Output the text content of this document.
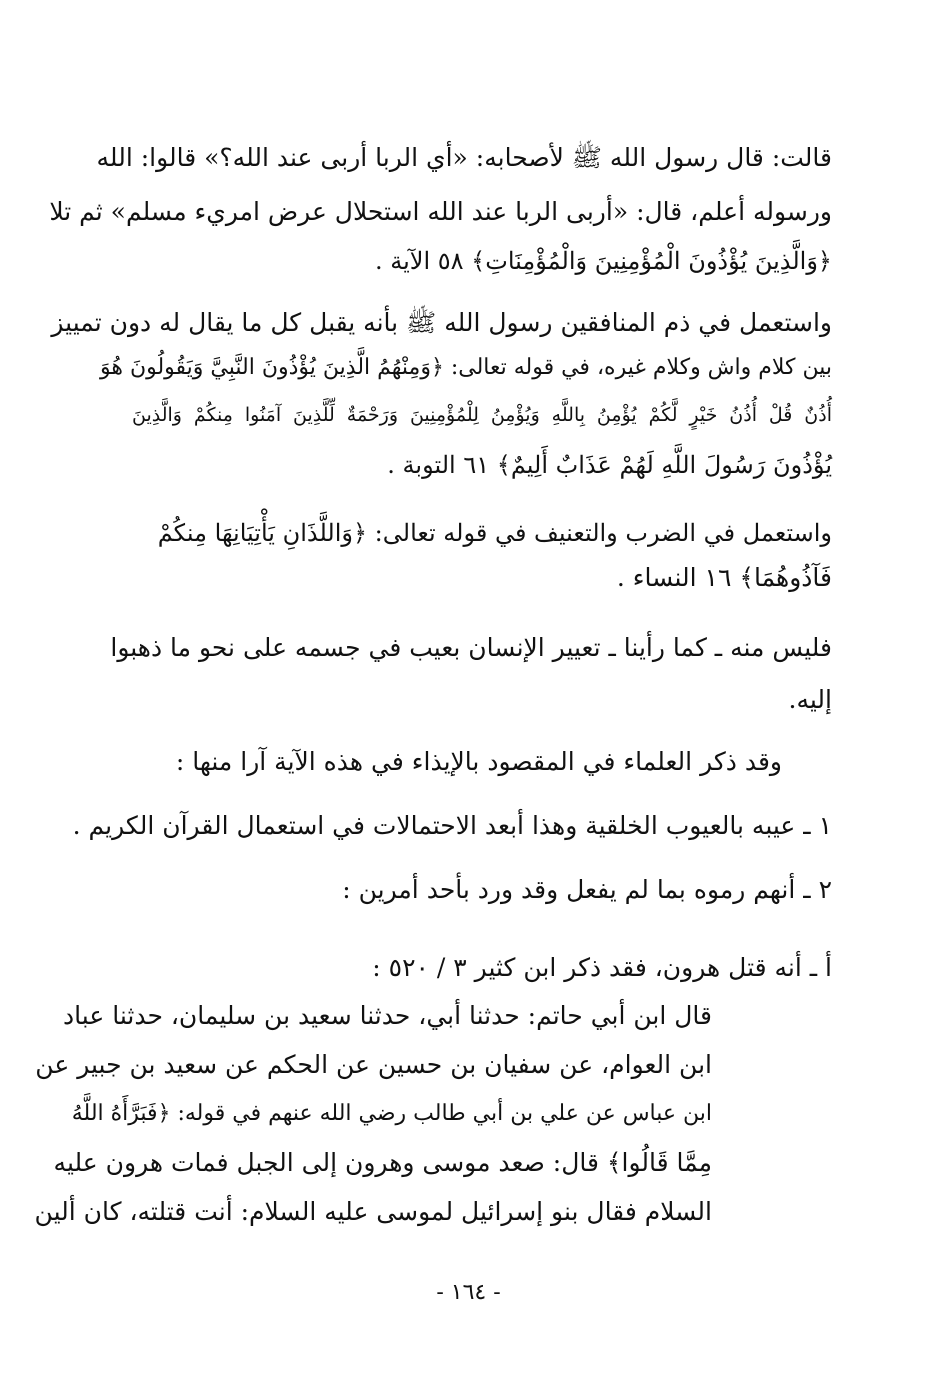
قالت: قال رسول الله ﷺ لأصحابه: «أي الربا أربى عند الله؟» قالوا: الله
ورسوله أعلم، قال: «أربى الربا عند الله استحلال عرض امريء مسلم» ثم تلا
﴿وَالَّذِينَ يُؤْذُونَ الْمُؤْمِنِينَ وَالْمُؤْمِنَاتِ﴾ ٥٨ الآية .
واستعمل في ذم المنافقين رسول الله ﷺ بأنه يقبل كل ما يقال له دون تمييز
بين كلام واش وكلام غيره، في قوله تعالى: ﴿وَمِنْهُمُ الَّذِينَ يُؤْذُونَ النَّبِيَّ وَيَقُولُونَ هُوَ
أُذُنٌ قُلْ أُذُنُ خَيْرٍ لَّكُمْ يُؤْمِنُ بِاللَّهِ وَيُؤْمِنُ لِلْمُؤْمِنِينَ وَرَحْمَةٌ لِّلَّذِينَ آمَنُوا مِنكُمْ وَالَّذِينَ
يُؤْذُونَ رَسُولَ اللَّهِ لَهُمْ عَذَابٌ أَلِيمٌ﴾ ٦١ التوبة .
واستعمل في الضرب والتعنيف في قوله تعالى: ﴿وَاللَّذَانِ يَأْتِيَانِهَا مِنكُمْ
فَآذُوهُمَا﴾ ١٦ النساء .
فليس منه ـ كما رأينا ـ تعيير الإنسان بعيب في جسمه على نحو ما ذهبوا
إليه.
وقد ذكر العلماء في المقصود بالإيذاء في هذه الآية آرا منها :
١ ـ عيبه بالعيوب الخلقية وهذا أبعد الاحتمالات في استعمال القرآن الكريم .
٢ ـ أنهم رموه بما لم يفعل وقد ورد بأحد أمرين :
أ ـ أنه قتل هرون، فقد ذكر ابن كثير ٣ / ٥٢٠ :
قال ابن أبي حاتم: حدثنا أبي، حدثنا سعيد بن سليمان، حدثنا عباد
ابن العوام، عن سفيان بن حسين عن الحكم عن سعيد بن جبير عن
ابن عباس عن علي بن أبي طالب رضي الله عنهم في قوله: ﴿فَبَرَّأَهُ اللَّهُ
مِمَّا قَالُوا﴾ قال: صعد موسى وهرون إلى الجبل فمات هرون عليه
السلام فقال بنو إسرائيل لموسى عليه السلام: أنت قتلته، كان ألين
- ١٦٤ -
